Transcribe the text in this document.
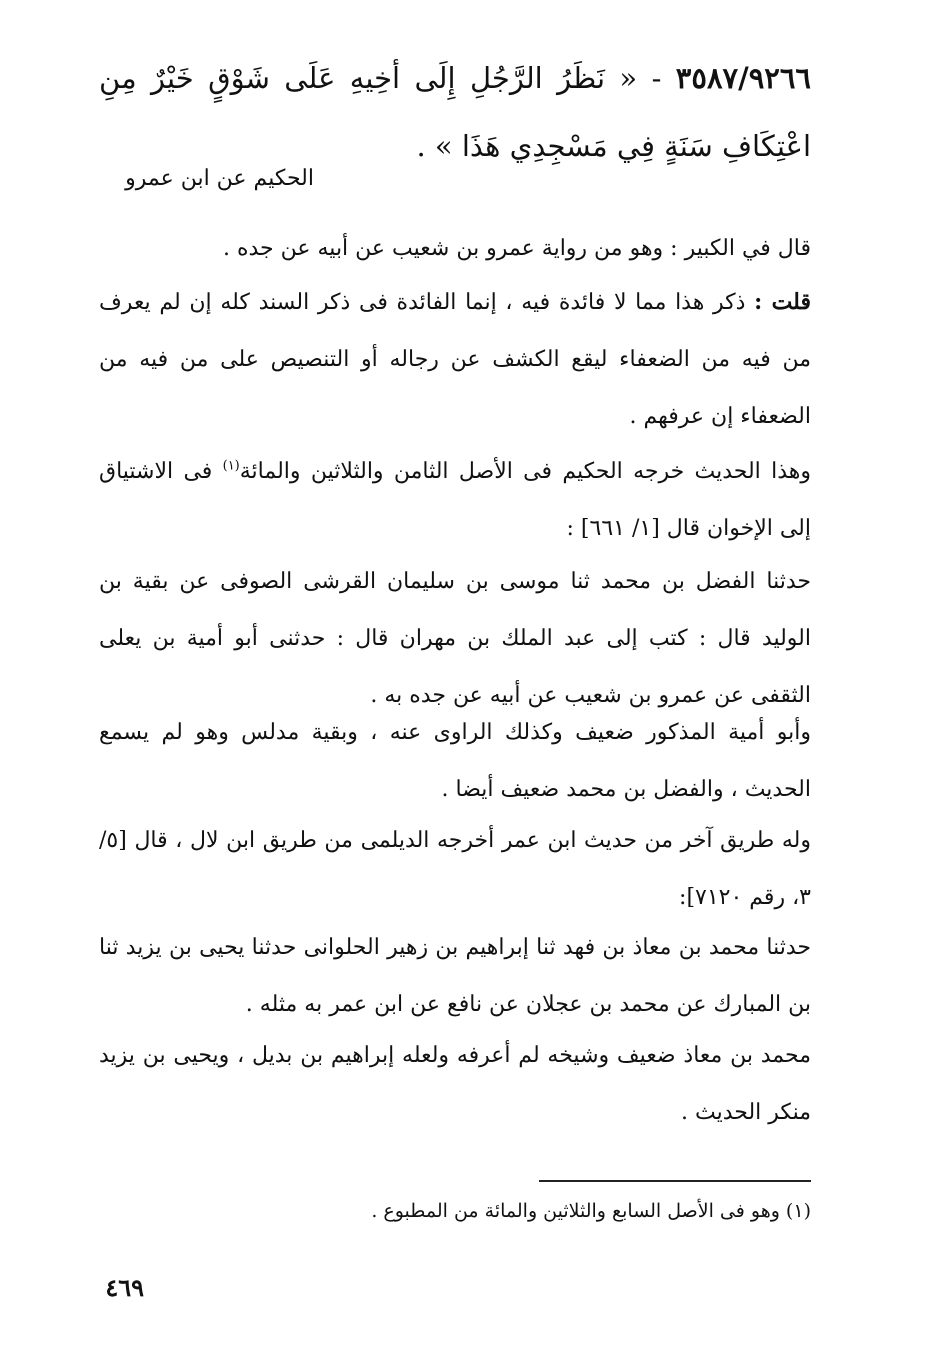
٣٥٨٧/٩٢٦٦ - « نَظَرُ الرَّجُلِ إِلَى أخِيهِ عَلَى شَوْقٍ خَيْرٌ مِنِ اعْتِكَافِ سَنَةٍ فِي مَسْجِدِي هَذَا » .
الحكيم عن ابن عمرو
قال في الكبير : وهو من رواية عمرو بن شعيب عن أبيه عن جده .
قلت : ذكر هذا مما لا فائدة فيه ، إنما الفائدة فى ذكر السند كله إن لم يعرف من فيه من الضعفاء ليقع الكشف عن رجاله أو التنصيص على من فيه من الضعفاء إن عرفهم .
وهذا الحديث خرجه الحكيم فى الأصل الثامن والثلاثين والمائة$^{(١)}$ فى الاشتياق إلى الإخوان قال [١/ ٦٦١] :
حدثنا الفضل بن محمد ثنا موسى بن سليمان القرشى الصوفى عن بقية بن الوليد قال : كتب إلى عبد الملك بن مهران قال : حدثنى أبو أمية بن يعلى الثقفى عن عمرو بن شعيب عن أبيه عن جده به .
وأبو أمية المذكور ضعيف وكذلك الراوى عنه ، وبقية مدلس وهو لم يسمع الحديث ، والفضل بن محمد ضعيف أيضا .
وله طريق آخر من حديث ابن عمر أخرجه الديلمى من طريق ابن لال ، قال [٥/ ٣، رقم ٧١٢٠]:
حدثنا محمد بن معاذ بن فهد ثنا إبراهيم بن زهير الحلوانى حدثنا يحيى بن يزيد ثنا بن المبارك عن محمد بن عجلان عن نافع عن ابن عمر به مثله .
محمد بن معاذ ضعيف وشيخه لم أعرفه ولعله إبراهيم بن بديل ، ويحيى بن يزيد منكر الحديث .
(١) وهو فى الأصل السابع والثلاثين والمائة من المطبوع .
٤٦٩
